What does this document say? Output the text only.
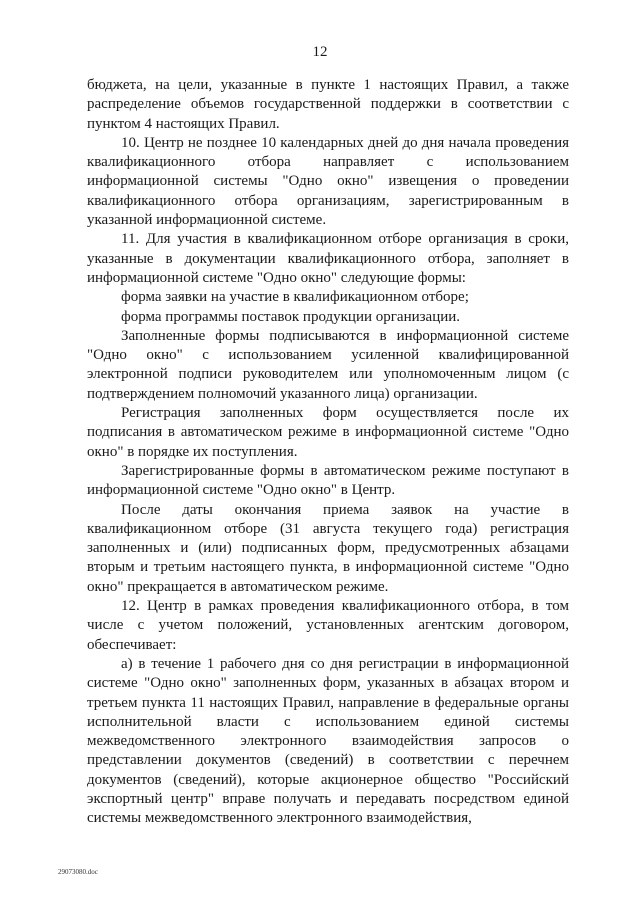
12

бюджета, на цели, указанные в пункте 1 настоящих Правил, а также распределение объемов государственной поддержки в соответствии с пунктом 4 настоящих Правил.

10. Центр не позднее 10 календарных дней до дня начала проведения квалификационного отбора направляет с использованием информационной системы "Одно окно" извещения о проведении квалификационного отбора организациям, зарегистрированным в указанной информационной системе.

11. Для участия в квалификационном отборе организация в сроки, указанные в документации квалификационного отбора, заполняет в информационной системе "Одно окно" следующие формы:

форма заявки на участие в квалификационном отборе;

форма программы поставок продукции организации.

Заполненные формы подписываются в информационной системе "Одно окно" с использованием усиленной квалифицированной электронной подписи руководителем или уполномоченным лицом (с подтверждением полномочий указанного лица) организации.

Регистрация заполненных форм осуществляется после их подписания в автоматическом режиме в информационной системе "Одно окно" в порядке их поступления.

Зарегистрированные формы в автоматическом режиме поступают в информационной системе "Одно окно" в Центр.

После даты окончания приема заявок на участие в квалификационном отборе (31 августа текущего года) регистрация заполненных и (или) подписанных форм, предусмотренных абзацами вторым и третьим настоящего пункта, в информационной системе "Одно окно" прекращается в автоматическом режиме.

12. Центр в рамках проведения квалификационного отбора, в том числе с учетом положений, установленных агентским договором, обеспечивает:

а) в течение 1 рабочего дня со дня регистрации в информационной системе "Одно окно" заполненных форм, указанных в абзацах втором и третьем пункта 11 настоящих Правил, направление в федеральные органы исполнительной власти с использованием единой системы межведомственного электронного взаимодействия запросов о представлении документов (сведений) в соответствии с перечнем документов (сведений), которые акционерное общество "Российский экспортный центр" вправе получать и передавать посредством единой системы межведомственного электронного взаимодействия,

29073080.doc
